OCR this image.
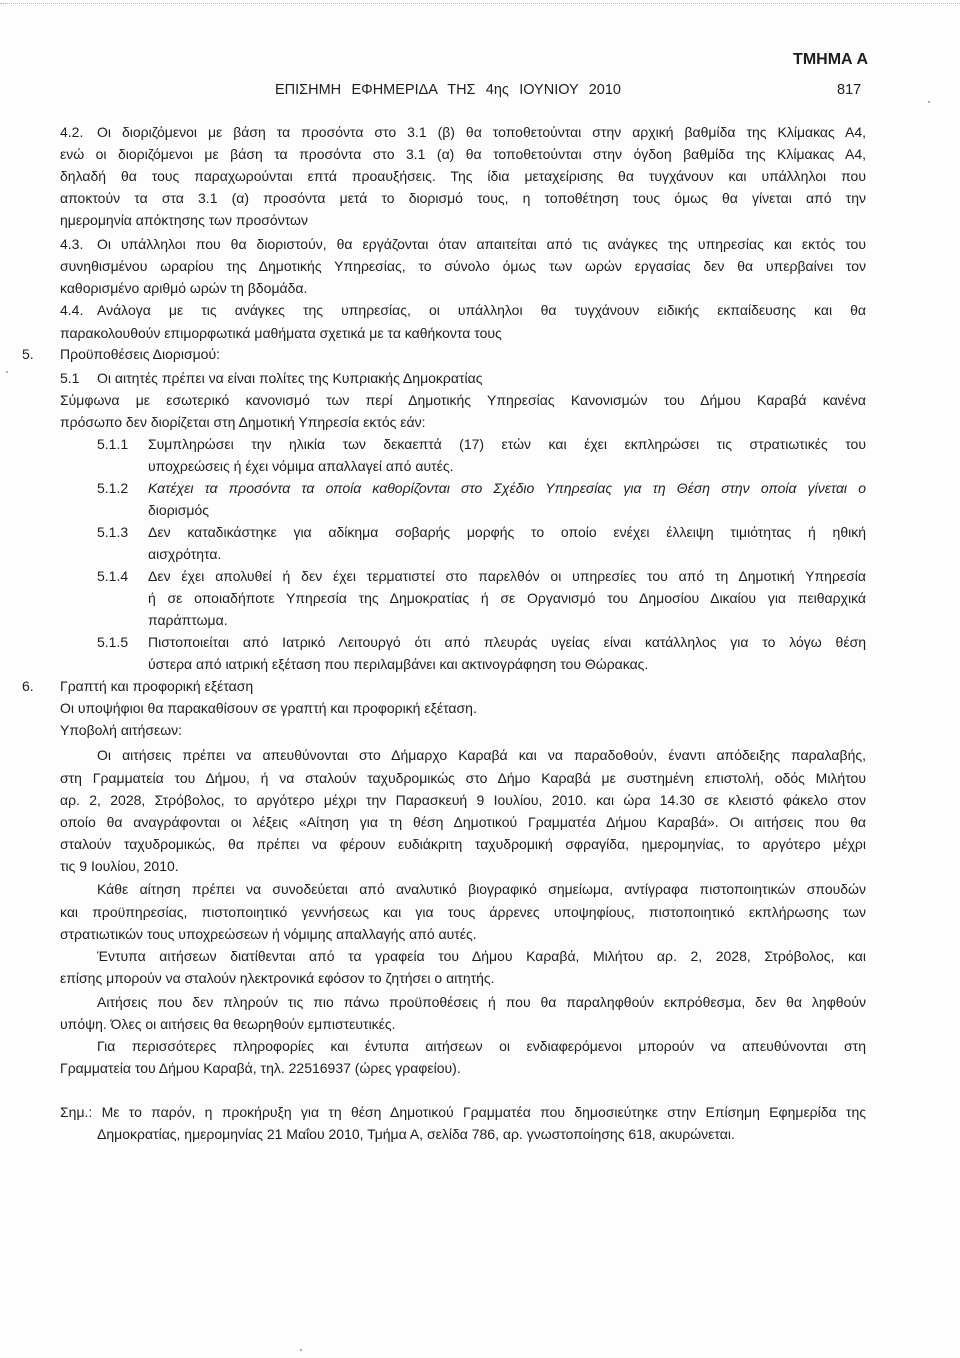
ΤΜΗΜΑ Α
ΕΠΙΣΗΜΗ ΕΦΗΜΕΡΙΔΑ ΤΗΣ 4ης ΙΟΥΝΙΟΥ 2010	817
4.2. Οι διοριζόμενοι με βάση τα προσόντα στο 3.1 (β) θα τοποθετούνται στην αρχική βαθμίδα της Κλίμακας Α4,
ενώ οι διοριζόμενοι με βάση τα προσόντα στο 3.1 (α) θα τοποθετούνται στην όγδοη βαθμίδα της Κλίμακας Α4,
δηλαδή θα τους παραχωρούνται επτά προαυξήσεις. Της ίδια μεταχείρισης θα τυγχάνουν και υπάλληλοι που
αποκτούν τα στα 3.1 (α) προσόντα μετά το διορισμό τους, η τοποθέτηση τους όμως θα γίνεται από την
ημερομηνία απόκτησης των προσόντων
4.3. Οι υπάλληλοι που θα διοριστούν, θα εργάζονται όταν απαιτείται από τις ανάγκες της υπηρεσίας και εκτός του
συνηθισμένου ωραρίου της Δημοτικής Υπηρεσίας, το σύνολο όμως των ωρών εργασίας δεν θα υπερβαίνει τον
καθορισμένο αριθμό ωρών τη βδομάδα.
4.4. Ανάλογα με τις ανάγκες της υπηρεσίας, οι υπάλληλοι θα τυγχάνουν ειδικής εκπαίδευσης και θα
παρακολουθούν επιμορφωτικά μαθήματα σχετικά με τα καθήκοντα τους
5. Προϋποθέσεις Διορισμού:
5.1 Οι αιτητές πρέπει να είναι πολίτες της Κυπριακής Δημοκρατίας
Σύμφωνα με εσωτερικό κανονισμό των περί Δημοτικής Υπηρεσίας Κανονισμών του Δήμου Καραβά κανένα
πρόσωπο δεν διορίζεται στη Δημοτική Υπηρεσία εκτός εάν:
5.1.1 Συμπληρώσει την ηλικία των δεκαεπτά (17) ετών και έχει εκπληρώσει τις στρατιωτικές του
υποχρεώσεις ή έχει νόμιμα απαλλαγεί από αυτές.
5.1.2 Κατέχει τα προσόντα τα οποία καθορίζονται στο Σχέδιο Υπηρεσίας για τη Θέση στην οποία γίνεται ο
διορισμός
5.1.3 Δεν καταδικάστηκε για αδίκημα σοβαρής μορφής το οποίο ενέχει έλλειψη τιμιότητας ή ηθική
αισχρότητα.
5.1.4 Δεν έχει απολυθεί ή δεν έχει τερματιστεί στο παρελθόν οι υπηρεσίες του από τη Δημοτική Υπηρεσία
ή σε οποιαδήποτε Υπηρεσία της Δημοκρατίας ή σε Οργανισμό του Δημοσίου Δικαίου για πειθαρχικά
παράπτωμα.
5.1.5 Πιστοποιείται από Ιατρικό Λειτουργό ότι από πλευράς υγείας είναι κατάλληλος για το λόγω θέση
ύστερα από ιατρική εξέταση που περιλαμβάνει και ακτινογράφηση του Θώρακας.
6. Γραπτή και προφορική εξέταση
Οι υποψήφιοι θα παρακαθίσουν σε γραπτή και προφορική εξέταση.
Υποβολή αιτήσεων:
Οι αιτήσεις πρέπει να απευθύνονται στο Δήμαρχο Καραβά και να παραδοθούν, έναντι απόδειξης παραλαβής,
στη Γραμματεία του Δήμου, ή να σταλούν ταχυδρομικώς στο Δήμο Καραβά με συστημένη επιστολή, οδός Μιλήτου
αρ. 2, 2028, Στρόβολος, το αργότερο μέχρι την Παρασκευή 9 Ιουλίου, 2010. και ώρα 14.30 σε κλειστό φάκελο στον
οποίο θα αναγράφονται οι λέξεις «Αίτηση για τη θέση Δημοτικού Γραμματέα Δήμου Καραβά». Οι αιτήσεις που θα
σταλούν ταχυδρομικώς, θα πρέπει να φέρουν ευδιάκριτη ταχυδρομική σφραγίδα, ημερομηνίας, το αργότερο μέχρι
τις 9 Ιουλίου, 2010.
Κάθε αίτηση πρέπει να συνοδεύεται από αναλυτικό βιογραφικό σημείωμα, αντίγραφα πιστοποιητικών σπουδών
και προϋπηρεσίας, πιστοποιητικό γεννήσεως και για τους άρρενες υποψηφίους, πιστοποιητικό εκπλήρωσης των
στρατιωτικών τους υποχρεώσεων ή νόμιμης απαλλαγής από αυτές.
Έντυπα αιτήσεων διατίθενται από τα γραφεία του Δήμου Καραβά, Μιλήτου αρ. 2, 2028, Στρόβολος, και
επίσης μπορούν να σταλούν ηλεκτρονικά εφόσον το ζητήσει ο αιτητής.
Αιτήσεις που δεν πληρούν τις πιο πάνω προϋποθέσεις ή που θα παραληφθούν εκπρόθεσμα, δεν θα ληφθούν
υπόψη. Όλες οι αιτήσεις θα θεωρηθούν εμπιστευτικές.
Για περισσότερες πληροφορίες και έντυπα αιτήσεων οι ενδιαφερόμενοι μπορούν να απευθύνονται στη
Γραμματεία του Δήμου Καραβά, τηλ. 22516937 (ώρες γραφείου).
Σημ.: Με το παρόν, η προκήρυξη για τη θέση Δημοτικού Γραμματέα που δημοσιεύτηκε στην Επίσημη Εφημερίδα της
Δημοκρατίας, ημερομηνίας 21 Μαΐου 2010, Τμήμα Α, σελίδα 786, αρ. γνωστοποίησης 618, ακυρώνεται.
